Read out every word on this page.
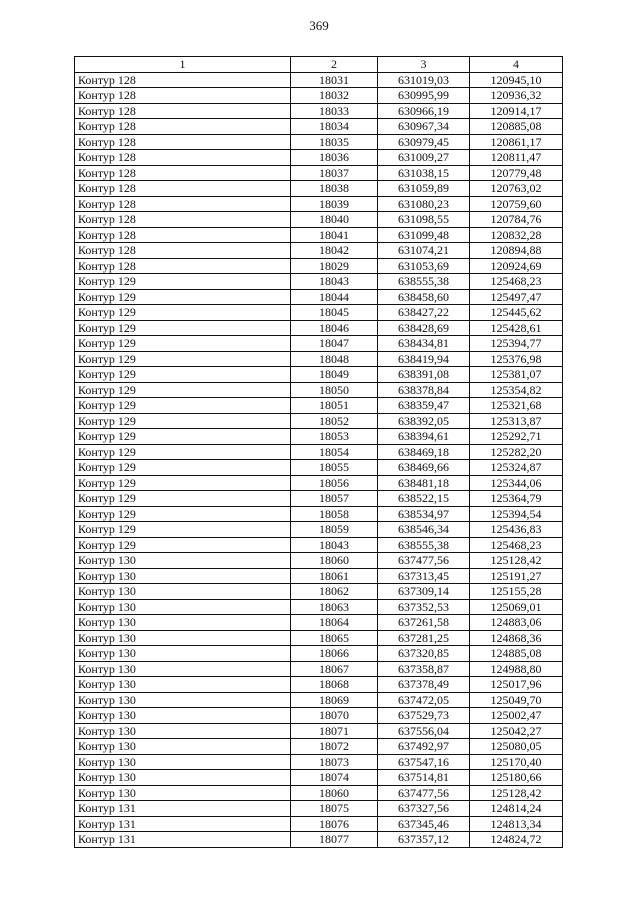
369
1	2	3	4
Контур 128	18031	631019,03	120945,10
Контур 128	18032	630995,99	120936,32
Контур 128	18033	630966,19	120914,17
Контур 128	18034	630967,34	120885,08
Контур 128	18035	630979,45	120861,17
Контур 128	18036	631009,27	120811,47
Контур 128	18037	631038,15	120779,48
Контур 128	18038	631059,89	120763,02
Контур 128	18039	631080,23	120759,60
Контур 128	18040	631098,55	120784,76
Контур 128	18041	631099,48	120832,28
Контур 128	18042	631074,21	120894,88
Контур 128	18029	631053,69	120924,69
Контур 129	18043	638555,38	125468,23
Контур 129	18044	638458,60	125497,47
Контур 129	18045	638427,22	125445,62
Контур 129	18046	638428,69	125428,61
Контур 129	18047	638434,81	125394,77
Контур 129	18048	638419,94	125376,98
Контур 129	18049	638391,08	125381,07
Контур 129	18050	638378,84	125354,82
Контур 129	18051	638359,47	125321,68
Контур 129	18052	638392,05	125313,87
Контур 129	18053	638394,61	125292,71
Контур 129	18054	638469,18	125282,20
Контур 129	18055	638469,66	125324,87
Контур 129	18056	638481,18	125344,06
Контур 129	18057	638522,15	125364,79
Контур 129	18058	638534,97	125394,54
Контур 129	18059	638546,34	125436,83
Контур 129	18043	638555,38	125468,23
Контур 130	18060	637477,56	125128,42
Контур 130	18061	637313,45	125191,27
Контур 130	18062	637309,14	125155,28
Контур 130	18063	637352,53	125069,01
Контур 130	18064	637261,58	124883,06
Контур 130	18065	637281,25	124868,36
Контур 130	18066	637320,85	124885,08
Контур 130	18067	637358,87	124988,80
Контур 130	18068	637378,49	125017,96
Контур 130	18069	637472,05	125049,70
Контур 130	18070	637529,73	125002,47
Контур 130	18071	637556,04	125042,27
Контур 130	18072	637492,97	125080,05
Контур 130	18073	637547,16	125170,40
Контур 130	18074	637514,81	125180,66
Контур 130	18060	637477,56	125128,42
Контур 131	18075	637327,56	124814,24
Контур 131	18076	637345,46	124813,34
Контур 131	18077	637357,12	124824,72
